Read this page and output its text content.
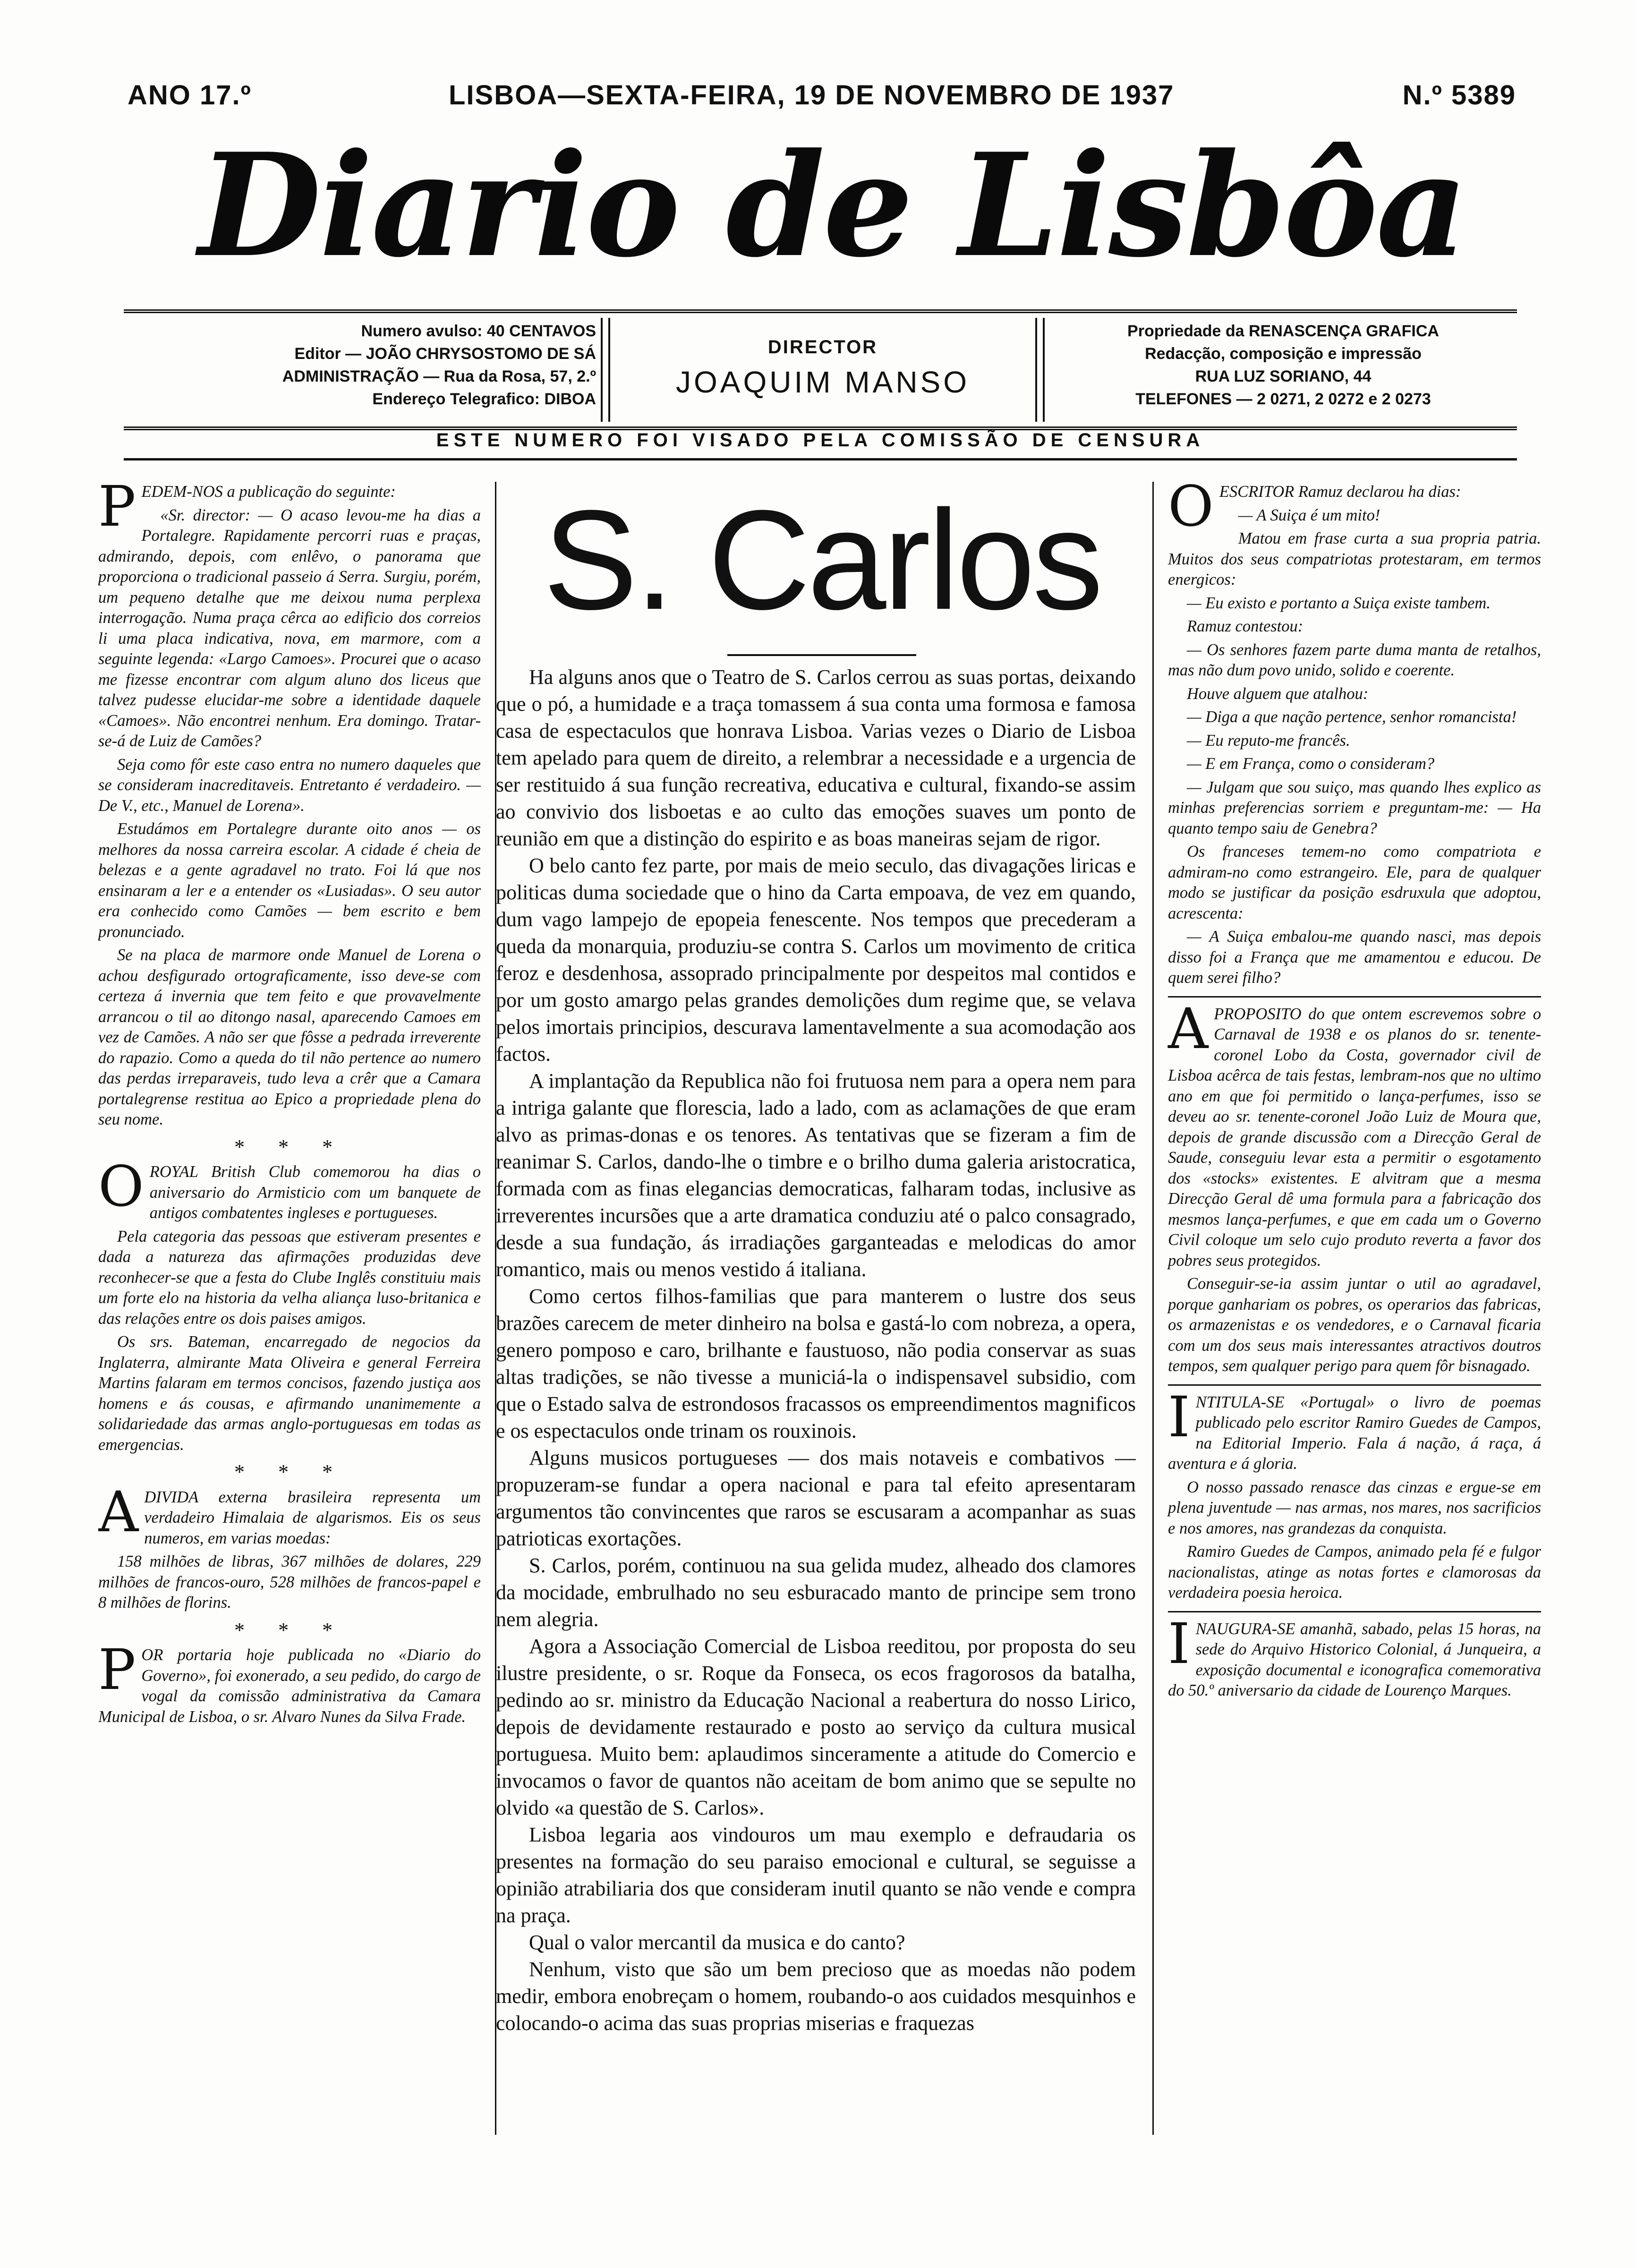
ANO 17.º	LISBOA—SEXTA-FEIRA, 19 DE NOVEMBRO DE 1937	N.º 5389
Diario de Lisbôa
Numero avulso: 40 CENTAVOS
Editor — JOÃO CHRYSOSTOMO DE SÁ
ADMINISTRAÇÃO — Rua da Rosa, 57, 2.º
Endereço Telegrafico: DIBOA
DIRECTOR
JOAQUIM MANSO
Propriedade da RENASCENÇA GRAFICA
Redacção, composição e impressão
RUA LUZ SORIANO, 44
TELEFONES — 2 0271, 2 0272 e 2 0273
ESTE NUMERO FOI VISADO PELA COMISSÃO DE CENSURA

PEDEM-NOS a publicação do seguinte:

«Sr. director: — O acaso levou-me ha dias a Portalegre. Rapidamente percorri ruas e praças, admirando, depois, com enlêvo, o panorama que proporciona o tradicional passeio á Serra. Surgiu, porém, um pequeno detalhe que me deixou numa perplexa interrogação. Numa praça cêrca ao edificio dos correios li uma placa indicativa, nova, em marmore, com a seguinte legenda: «Largo Camoes». Procurei que o acaso me fizesse encontrar com algum aluno dos liceus que talvez pudesse elucidar-me sobre a identidade daquele «Camoes». Não encontrei nenhum. Era domingo. Tratar-se-á de Luiz de Camões?

Seja como fôr este caso entra no numero daqueles que se consideram inacreditaveis. Entretanto é verdadeiro. — De V., etc., Manuel de Lorena».

Estudámos em Portalegre durante oito anos — os melhores da nossa carreira escolar. A cidade é cheia de belezas e a gente agradavel no trato. Foi lá que nos ensinaram a ler e a entender os «Lusiadas». O seu autor era conhecido como Camões — bem escrito e bem pronunciado.

Se na placa de marmore onde Manuel de Lorena o achou desfigurado ortograficamente, isso deve-se com certeza á invernia que tem feito e que provavelmente arrancou o til ao ditongo nasal, aparecendo Camoes em vez de Camões. A não ser que fôsse a pedrada irreverente do rapazio. Como a queda do til não pertence ao numero das perdas irreparaveis, tudo leva a crêr que a Camara portalegrense restitua ao Epico a propriedade plena do seu nome.

* * *

OROYAL British Club comemorou ha dias o aniversario do Armisticio com um banquete de antigos combatentes ingleses e portugueses.

Pela categoria das pessoas que estiveram presentes e dada a natureza das afirmações produzidas deve reconhecer-se que a festa do Clube Inglês constituiu mais um forte elo na historia da velha aliança luso-britanica e das relações entre os dois paises amigos.

Os srs. Bateman, encarregado de negocios da Inglaterra, almirante Mata Oliveira e general Ferreira Martins falaram em termos concisos, fazendo justiça aos homens e ás cousas, e afirmando unanimemente a solidariedade das armas anglo-portuguesas em todas as emergencias.

* * *

ADIVIDA externa brasileira representa um verdadeiro Himalaia de algarismos. Eis os seus numeros, em varias moedas:

158 milhões de libras, 367 milhões de dolares, 229 milhões de francos-ouro, 528 milhões de francos-papel e 8 milhões de florins.

* * *

POR portaria hoje publicada no «Diario do Governo», foi exonerado, a seu pedido, do cargo de vogal da comissão administrativa da Camara Municipal de Lisboa, o sr. Alvaro Nunes da Silva Frade.

S. Carlos

Ha alguns anos que o Teatro de S. Carlos cerrou as suas portas, deixando que o pó, a humidade e a traça tomassem á sua conta uma formosa e famosa casa de espectaculos que honrava Lisboa. Varias vezes o Diario de Lisboa tem apelado para quem de direito, a relembrar a necessidade e a urgencia de ser restituido á sua função recreativa, educativa e cultural, fixando-se assim ao convivio dos lisboetas e ao culto das emoções suaves um ponto de reunião em que a distinção do espirito e as boas maneiras sejam de rigor.

O belo canto fez parte, por mais de meio seculo, das divagações liricas e politicas duma sociedade que o hino da Carta empoava, de vez em quando, dum vago lampejo de epopeia fenescente. Nos tempos que precederam a queda da monarquia, produziu-se contra S. Carlos um movimento de critica feroz e desdenhosa, assoprado principalmente por despeitos mal contidos e por um gosto amargo pelas grandes demolições dum regime que, se velava pelos imortais principios, descurava lamentavelmente a sua acomodação aos factos.

A implantação da Republica não foi frutuosa nem para a opera nem para a intriga galante que florescia, lado a lado, com as aclamações de que eram alvo as primas-donas e os tenores. As tentativas que se fizeram a fim de reanimar S. Carlos, dando-lhe o timbre e o brilho duma galeria aristocratica, formada com as finas elegancias democraticas, falharam todas, inclusive as irreverentes incursões que a arte dramatica conduziu até o palco consagrado, desde a sua fundação, ás irradiações garganteadas e melodicas do amor romantico, mais ou menos vestido á italiana.

Como certos filhos-familias que para manterem o lustre dos seus brazões carecem de meter dinheiro na bolsa e gastá-lo com nobreza, a opera, genero pomposo e caro, brilhante e faustuoso, não podia conservar as suas altas tradições, se não tivesse a municiá-la o indispensavel subsidio, com que o Estado salva de estrondosos fracassos os empreendimentos magnificos e os espectaculos onde trinam os rouxinois.

Alguns musicos portugueses — dos mais notaveis e combativos — propuzeram-se fundar a opera nacional e para tal efeito apresentaram argumentos tão convincentes que raros se escusaram a acompanhar as suas patrioticas exortações.

S. Carlos, porém, continuou na sua gelida mudez, alheado dos clamores da mocidade, embrulhado no seu esburacado manto de principe sem trono nem alegria.

Agora a Associação Comercial de Lisboa reeditou, por proposta do seu ilustre presidente, o sr. Roque da Fonseca, os ecos fragorosos da batalha, pedindo ao sr. ministro da Educação Nacional a reabertura do nosso Lirico, depois de devidamente restaurado e posto ao serviço da cultura musical portuguesa. Muito bem: aplaudimos sinceramente a atitude do Comercio e invocamos o favor de quantos não aceitam de bom animo que se sepulte no olvido «a questão de S. Carlos».

Lisboa legaria aos vindouros um mau exemplo e defraudaria os presentes na formação do seu paraiso emocional e cultural, se seguisse a opinião atrabiliaria dos que consideram inutil quanto se não vende e compra na praça.

Qual o valor mercantil da musica e do canto?

Nenhum, visto que são um bem precioso que as moedas não podem medir, embora enobreçam o homem, roubando-o aos cuidados mesquinhos e colocando-o acima das suas proprias miserias e fraquezas

OESCRITOR Ramuz declarou ha dias:

— A Suiça é um mito!

Matou em frase curta a sua propria patria. Muitos dos seus compatriotas protestaram, em termos energicos:

— Eu existo e portanto a Suiça existe tambem.

Ramuz contestou:

— Os senhores fazem parte duma manta de retalhos, mas não dum povo unido, solido e coerente.

Houve alguem que atalhou:

— Diga a que nação pertence, senhor romancista!

— Eu reputo-me francês.

— E em França, como o consideram?

— Julgam que sou suiço, mas quando lhes explico as minhas preferencias sorriem e preguntam-me: — Ha quanto tempo saiu de Genebra?

Os franceses temem-no como compatriota e admiram-no como estrangeiro. Ele, para de qualquer modo se justificar da posição esdruxula que adoptou, acrescenta:

— A Suiça embalou-me quando nasci, mas depois disso foi a França que me amamentou e educou. De quem serei filho?

APROPOSITO do que ontem escrevemos sobre o Carnaval de 1938 e os planos do sr. tenente-coronel Lobo da Costa, governador civil de Lisboa acêrca de tais festas, lembram-nos que no ultimo ano em que foi permitido o lança-perfumes, isso se deveu ao sr. tenente-coronel João Luiz de Moura que, depois de grande discussão com a Direcção Geral de Saude, conseguiu levar esta a permitir o esgotamento dos «stocks» existentes. E alvitram que a mesma Direcção Geral dê uma formula para a fabricação dos mesmos lança-perfumes, e que em cada um o Governo Civil coloque um selo cujo produto reverta a favor dos pobres seus protegidos.

Conseguir-se-ia assim juntar o util ao agradavel, porque ganhariam os pobres, os operarios das fabricas, os armazenistas e os vendedores, e o Carnaval ficaria com um dos seus mais interessantes atractivos doutros tempos, sem qualquer perigo para quem fôr bisnagado.

INTITULA-SE «Portugal» o livro de poemas publicado pelo escritor Ramiro Guedes de Campos, na Editorial Imperio. Fala á nação, á raça, á aventura e á gloria.

O nosso passado renasce das cinzas e ergue-se em plena juventude — nas armas, nos mares, nos sacrificios e nos amores, nas grandezas da conquista.

Ramiro Guedes de Campos, animado pela fé e fulgor nacionalistas, atinge as notas fortes e clamorosas da verdadeira poesia heroica.

INAUGURA-SE amanhã, sabado, pelas 15 horas, na sede do Arquivo Historico Colonial, á Junqueira, a exposição documental e iconografica comemorativa do 50.º aniversario da cidade de Lourenço Marques.
